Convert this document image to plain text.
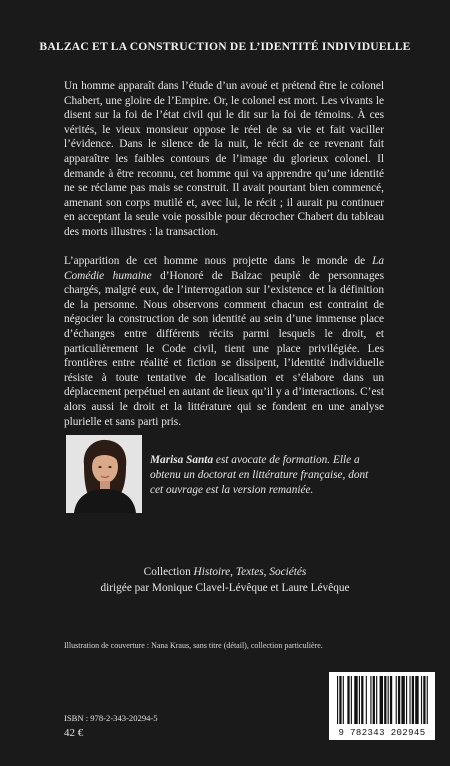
BALZAC ET LA CONSTRUCTION DE L’IDENTITÉ INDIVIDUELLE

Un homme apparaît dans l’étude d’un avoué et prétend être le colonel Chabert, une gloire de l’Empire. Or, le colonel est mort. Les vivants le disent sur la foi de l’état civil qui le dit sur la foi de témoins. À ces vérités, le vieux monsieur oppose le réel de sa vie et fait vaciller l’évidence. Dans le silence de la nuit, le récit de ce revenant fait apparaître les faibles contours de l’image du glorieux colonel. Il demande à être reconnu, cet homme qui va apprendre qu’une identité ne se réclame pas mais se construit. Il avait pourtant bien commencé, amenant son corps mutilé et, avec lui, le récit ; il aurait pu continuer en acceptant la seule voie possible pour décrocher Chabert du tableau des morts illustres : la transaction.

L’apparition de cet homme nous projette dans le monde de La Comédie humaine d’Honoré de Balzac peuplé de personnages chargés, malgré eux, de l’interrogation sur l’existence et la définition de la personne. Nous observons comment chacun est contraint de négocier la construction de son identité au sein d’une immense place d’échanges entre différents récits parmi lesquels le droit, et particulièrement le Code civil, tient une place privilégiée. Les frontières entre réalité et fiction se dissipent, l’identité individuelle résiste à toute tentative de localisation et s’élabore dans un déplacement perpétuel en autant de lieux qu’il y a d’interactions. C’est alors aussi le droit et la littérature qui se fondent en une analyse plurielle et sans parti pris.

Marisa Santa est avocate de formation. Elle a obtenu un doctorat en littérature française, dont cet ouvrage est la version remaniée.

Collection Histoire, Textes, Sociétés
dirigée par Monique Clavel-Lévêque et Laure Lévêque
Illustration de couverture : Nana Kraus, sans titre (détail), collection particulière.
ISBN : 978-2-343-20294-5
42 €	9 782343 202945
